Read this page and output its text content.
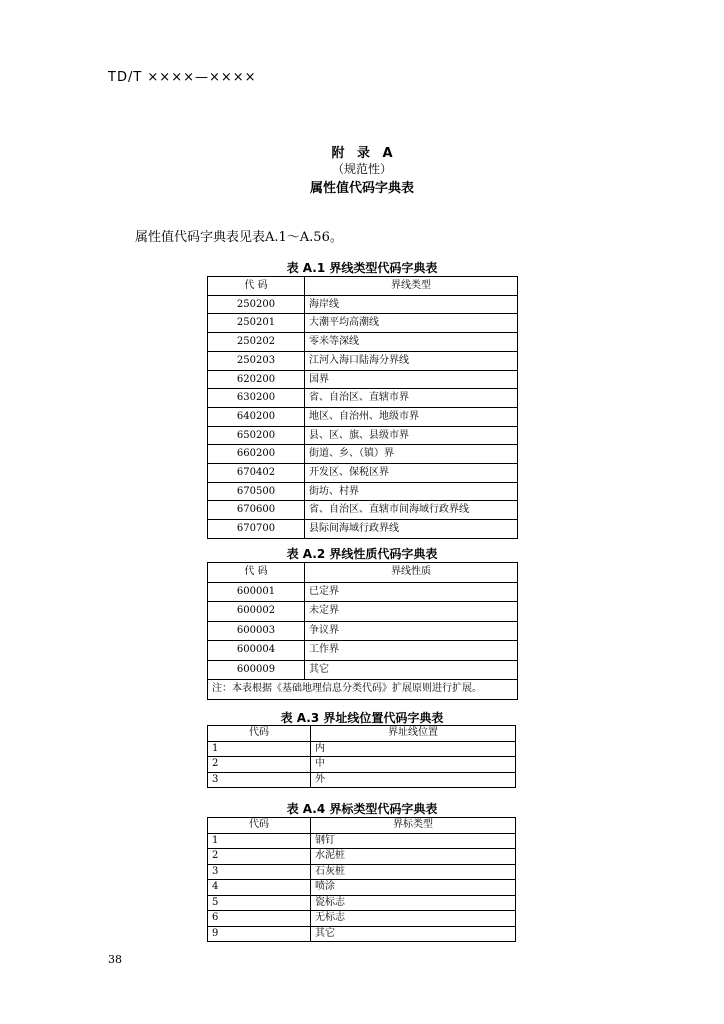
TD/T ××××—××××
附 录 A
（规范性）
属性值代码字典表
属性值代码字典表见表A.1～A.56。
表 A.1 界线类型代码字典表
代 码	界线类型
250200	海岸线
250201	大潮平均高潮线
250202	零米等深线
250203	江河入海口陆海分界线
620200	国界
630200	省、自治区、直辖市界
640200	地区、自治州、地级市界
650200	县、区、旗、县级市界
660200	街道、乡、（镇）界
670402	开发区、保税区界
670500	街坊、村界
670600	省、自治区、直辖市间海域行政界线
670700	县际间海域行政界线
表 A.2 界线性质代码字典表
代 码	界线性质
600001	已定界
600002	未定界
600003	争议界
600004	工作界
600009	其它
注：本表根据《基础地理信息分类代码》扩展原则进行扩展。	
表 A.3 界址线位置代码字典表
代码	界址线位置
1	内
2	中
3	外
表 A.4 界标类型代码字典表
代码	界标类型
1	钢钉
2	水泥桩
3	石灰桩
4	喷涂
5	瓷标志
6	无标志
9	其它
38
